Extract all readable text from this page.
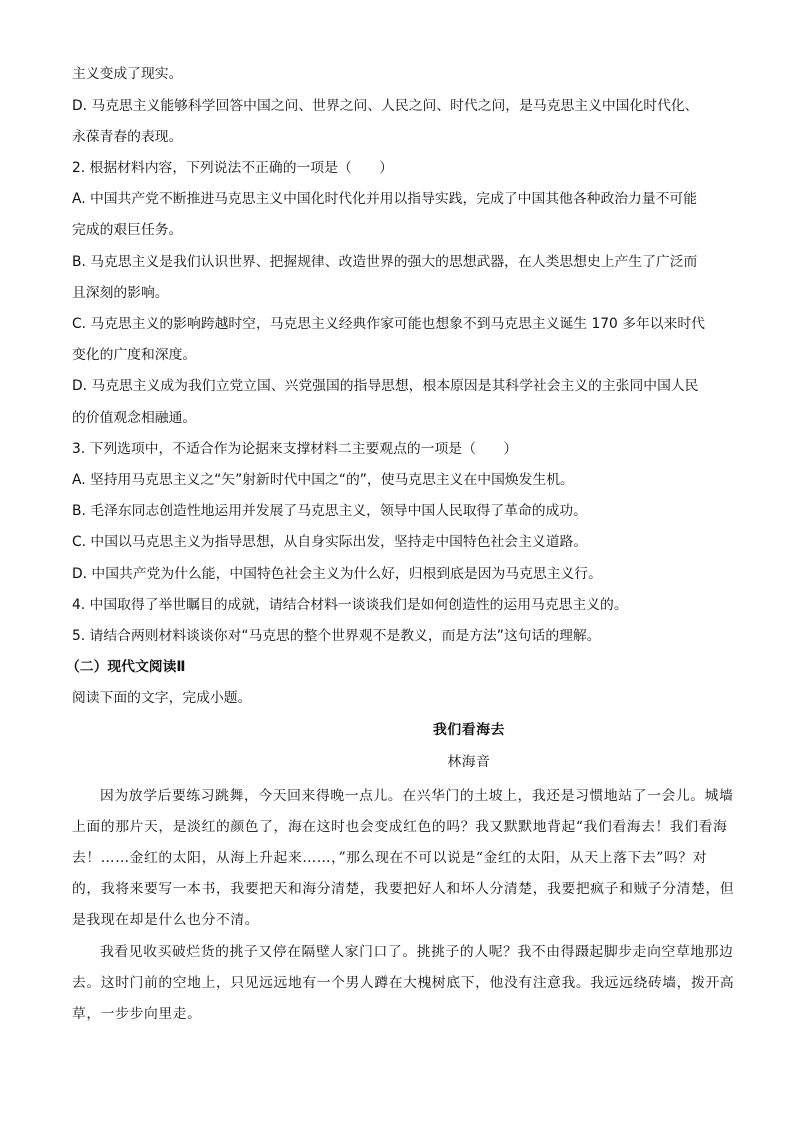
主义变成了现实。
D. 马克思主义能够科学回答中国之问、世界之问、人民之问、时代之问，是马克思主义中国化时代化、
永葆青春的表现。
2. 根据材料内容，下列说法不正确的一项是（　　）
A. 中国共产党不断推进马克思主义中国化时代化并用以指导实践，完成了中国其他各种政治力量不可能
完成的艰巨任务。
B. 马克思主义是我们认识世界、把握规律、改造世界的强大的思想武器，在人类思想史上产生了广泛而
且深刻的影响。
C. 马克思主义的影响跨越时空，马克思主义经典作家可能也想象不到马克思主义诞生 170 多年以来时代
变化的广度和深度。
D. 马克思主义成为我们立党立国、兴党强国的指导思想，根本原因是其科学社会主义的主张同中国人民
的价值观念相融通。
3. 下列选项中，不适合作为论据来支撑材料二主要观点的一项是（　　）
A. 坚持用马克思主义之“矢”射新时代中国之“的”，使马克思主义在中国焕发生机。
B. 毛泽东同志创造性地运用并发展了马克思主义，领导中国人民取得了革命的成功。
C. 中国以马克思主义为指导思想，从自身实际出发，坚持走中国特色社会主义道路。
D. 中国共产党为什么能，中国特色社会主义为什么好，归根到底是因为马克思主义行。
4. 中国取得了举世瞩目的成就，请结合材料一谈谈我们是如何创造性的运用马克思主义的。
5. 请结合两则材料谈谈你对“马克思的整个世界观不是教义，而是方法”这句话的理解。
（二）现代文阅读Ⅱ
阅读下面的文字，完成小题。
我们看海去
林海音
因为放学后要练习跳舞，今天回来得晚一点儿。在兴华门的土坡上，我还是习惯地站了一会儿。城墙
上面的那片天，是淡红的颜色了，海在这时也会变成红色的吗？我又默默地背起“我们看海去！我们看海
去！……金红的太阳，从海上升起来……，”那么现在不可以说是“金红的太阳，从天上落下去”吗？对
的，我将来要写一本书，我要把天和海分清楚，我要把好人和坏人分清楚，我要把疯子和贼子分清楚，但
是我现在却是什么也分不清。
我看见收买破烂货的挑子又停在隔壁人家门口了。挑挑子的人呢？我不由得蹑起脚步走向空草地那边
去。这时门前的空地上，只见远远地有一个男人蹲在大槐树底下，他没有注意我。我远远绕砖墙，拨开高
草，一步步向里走。
